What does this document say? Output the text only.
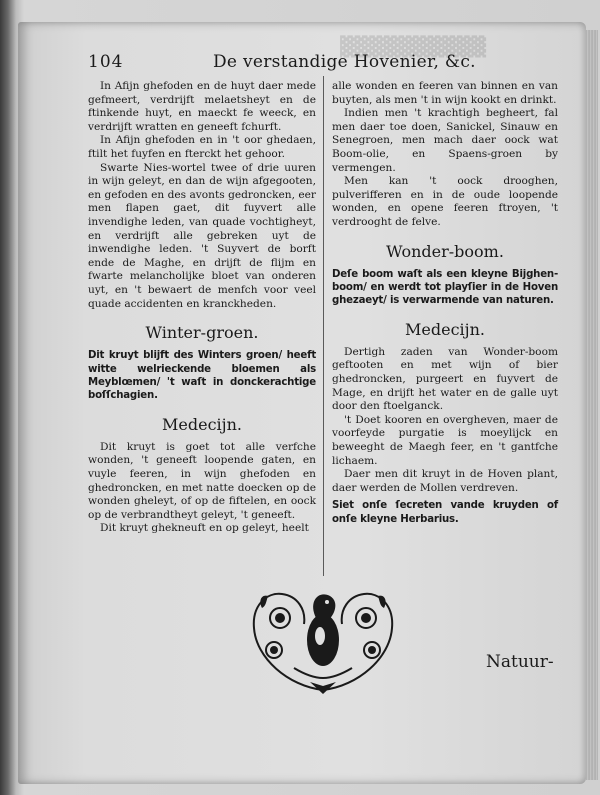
104	De verstandige Hovenier, &c.

In Afijn ghefoden en de huyt daer mede gefmeert, verdrijft melaetsheyt en de ftinkende huyt, en maeckt fe weeck, en verdrijft wratten en geneeft fchurft.

In Afijn ghefoden en in 't oor ghedaen, ftilt het fuyfen en fterckt het gehoor.

Swarte Nies-wortel twee of drie uuren in wijn geleyt, en dan de wijn afgegooten, en gefoden en des avonts gedroncken, eer men flapen gaet, dit fuyvert alle invendighe leden, van quade vochtigheyt, en verdrijft alle gebreken uyt de inwendighe leden. 't Suyvert de borft ende de Maghe, en drijft de flijm en fwarte melancholijke bloet van onderen uyt, en 't bewaert de menfch voor veel quade accidenten en kranckheden.

Winter-groen.

Dit kruyt blijft des Winters groen/ heeft witte welrieckende bloemen als Meyblœmen/ 't waſt in donckerachtige boſſchagien.

Medecijn.

Dit kruyt is goet tot alle verfche wonden, 't geneeft loopende gaten, en vuyle feeren, in wijn ghefoden en ghedroncken, en met natte doecken op de wonden gheleyt, of op de fiftelen, en oock op de verbrandtheyt geleyt, 't geneeft.

Dit kruyt ghekneuft en op geleyt, heelt

alle wonden en feeren van binnen en van buyten, als men 't in wijn kookt en drinkt.

Indien men 't krachtigh begheert, fal men daer toe doen, Sanickel, Sinauw en Senegroen, men mach daer oock wat Boom-olie, en Spaens-groen by vermengen.

Men kan 't oock drooghen, pulverifferen en in de oude loopende wonden, en opene feeren ftroyen, 't verdrooght de felve.

Wonder-boom.

Deſe boom waſt als een kleyne Bijghen-boom/ en werdt tot playſier in de Hoven ghezaeyt/ is verwarmende van naturen.

Medecijn.

Dertigh zaden van Wonder-boom geftooten en met wijn of bier ghedroncken, purgeert en fuyvert de Mage, en drijft het water en de galle uyt door den ftoelganck.

't Doet kooren en overgheven, maer de voorfeyde purgatie is moeylijck en beweeght de Maegh feer, en 't gantfche lichaem.

Daer men dit kruyt in de Hoven plant, daer werden de Mollen verdreven.

Siet onſe ſecreten vande kruyden of onſe kleyne Herbarius.

Natuur-
